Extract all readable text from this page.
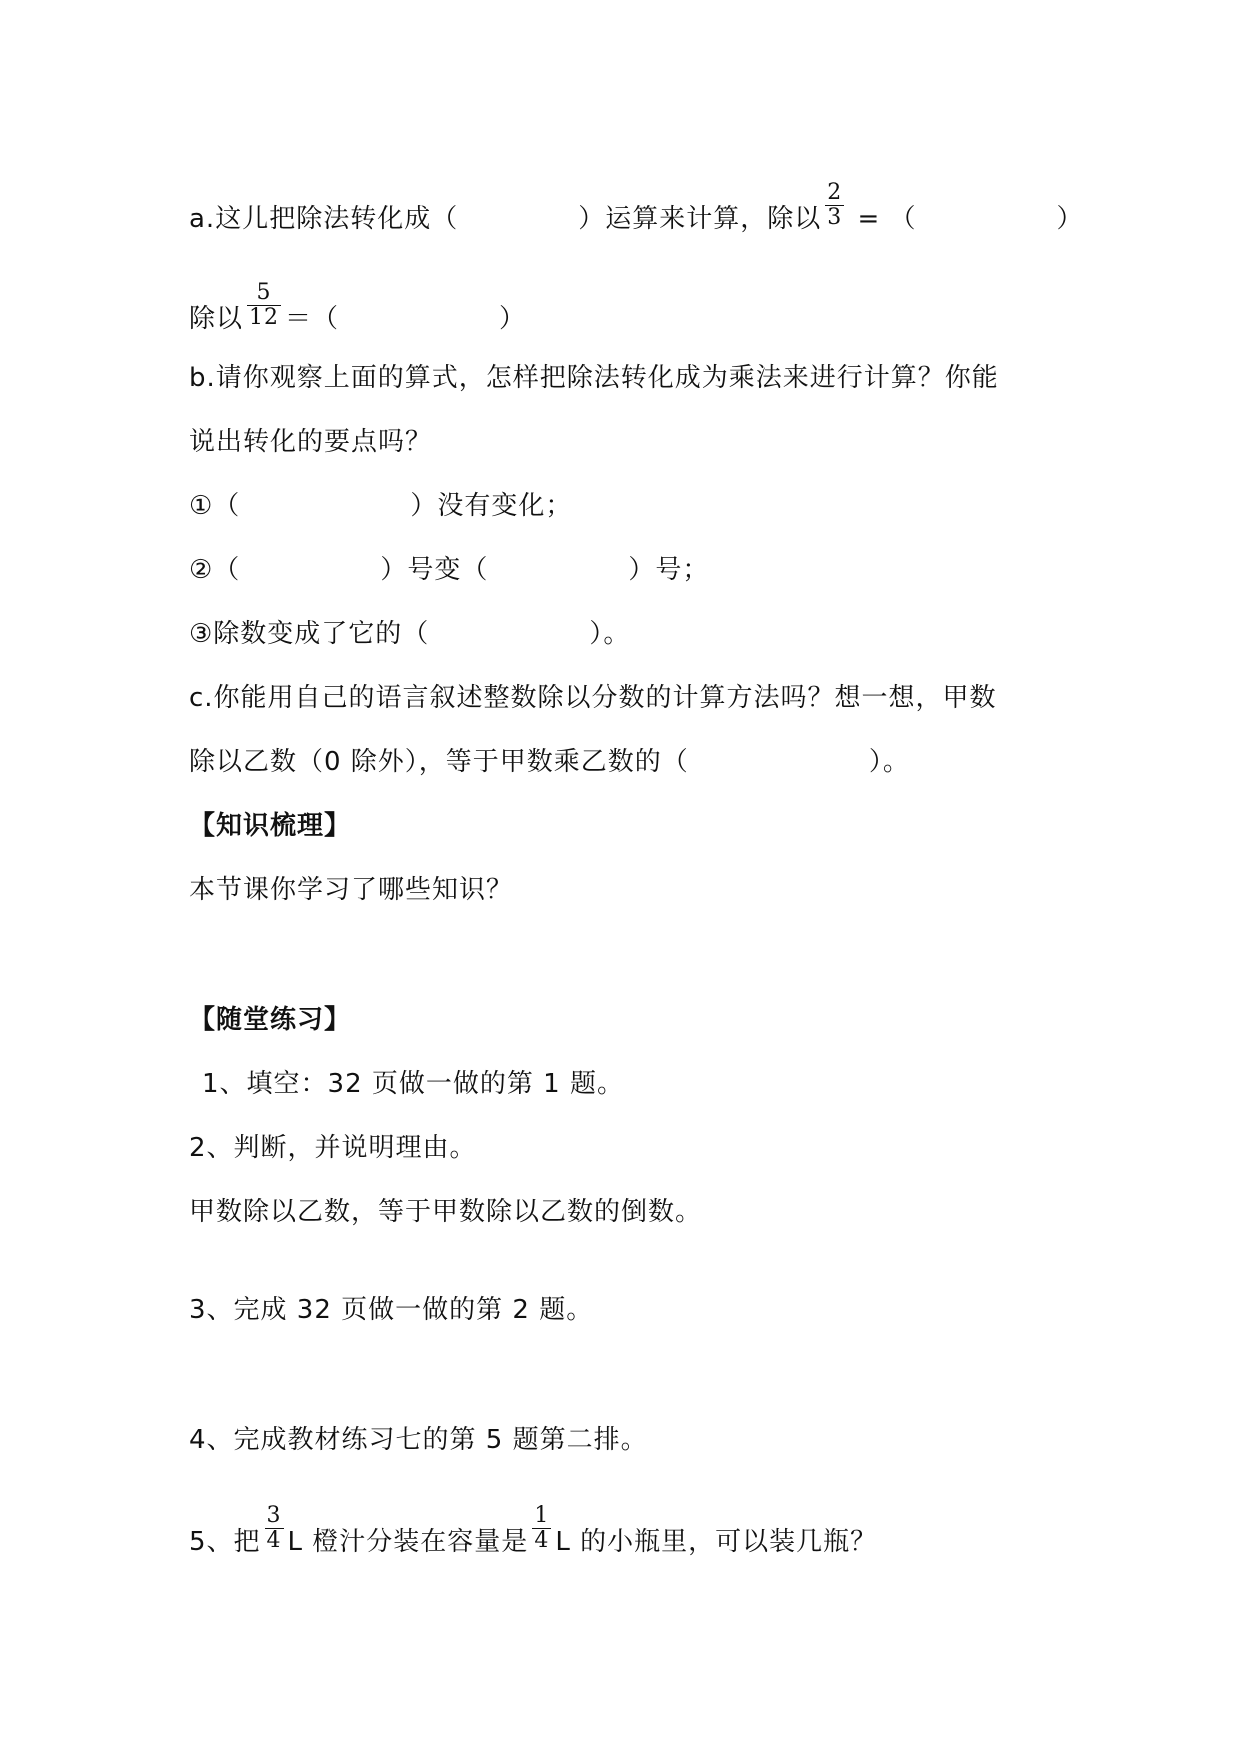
a.这儿把除法转化成（	）运算来计算，除以 $\frac{2}{3}$ = （	）
除以 $\frac{5}{12}$ ＝（	）
b.请你观察上面的算式，怎样把除法转化成为乘法来进行计算？你能
说出转化的要点吗？
①（	）没有变化；
②（	）号变（	）号；
③除数变成了它的（	）。
c.你能用自己的语言叙述整数除以分数的计算方法吗？想一想，甲数
除以乙数（0 除外），等于甲数乘乙数的（	）。
【知识梳理】
本节课你学习了哪些知识？
【随堂练习】
1、填空：32 页做一做的第 1 题。
2、判断，并说明理由。
甲数除以乙数，等于甲数除以乙数的倒数。
3、完成 32 页做一做的第 2 题。
4、完成教材练习七的第 5 题第二排。
5、把 $\frac{3}{4}$ L 橙汁分装在容量是 $\frac{1}{4}$ L 的小瓶里，可以装几瓶？
